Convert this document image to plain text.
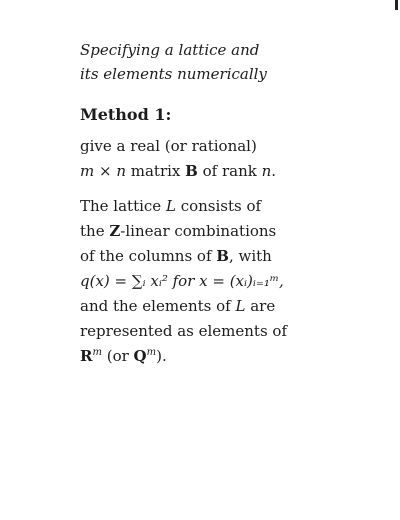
Specifying a lattice and
its elements numerically
Method 1:
give a real (or rational)
m × n matrix B of rank n.
The lattice L consists of
the Z-linear combinations
of the columns of B, with
q(x) = ∑ᵢ xᵢ² for x = (xᵢ)ᵢ₌₁ᵐ,
and the elements of L are
represented as elements of
$R^m$ (or $Q^m$).
